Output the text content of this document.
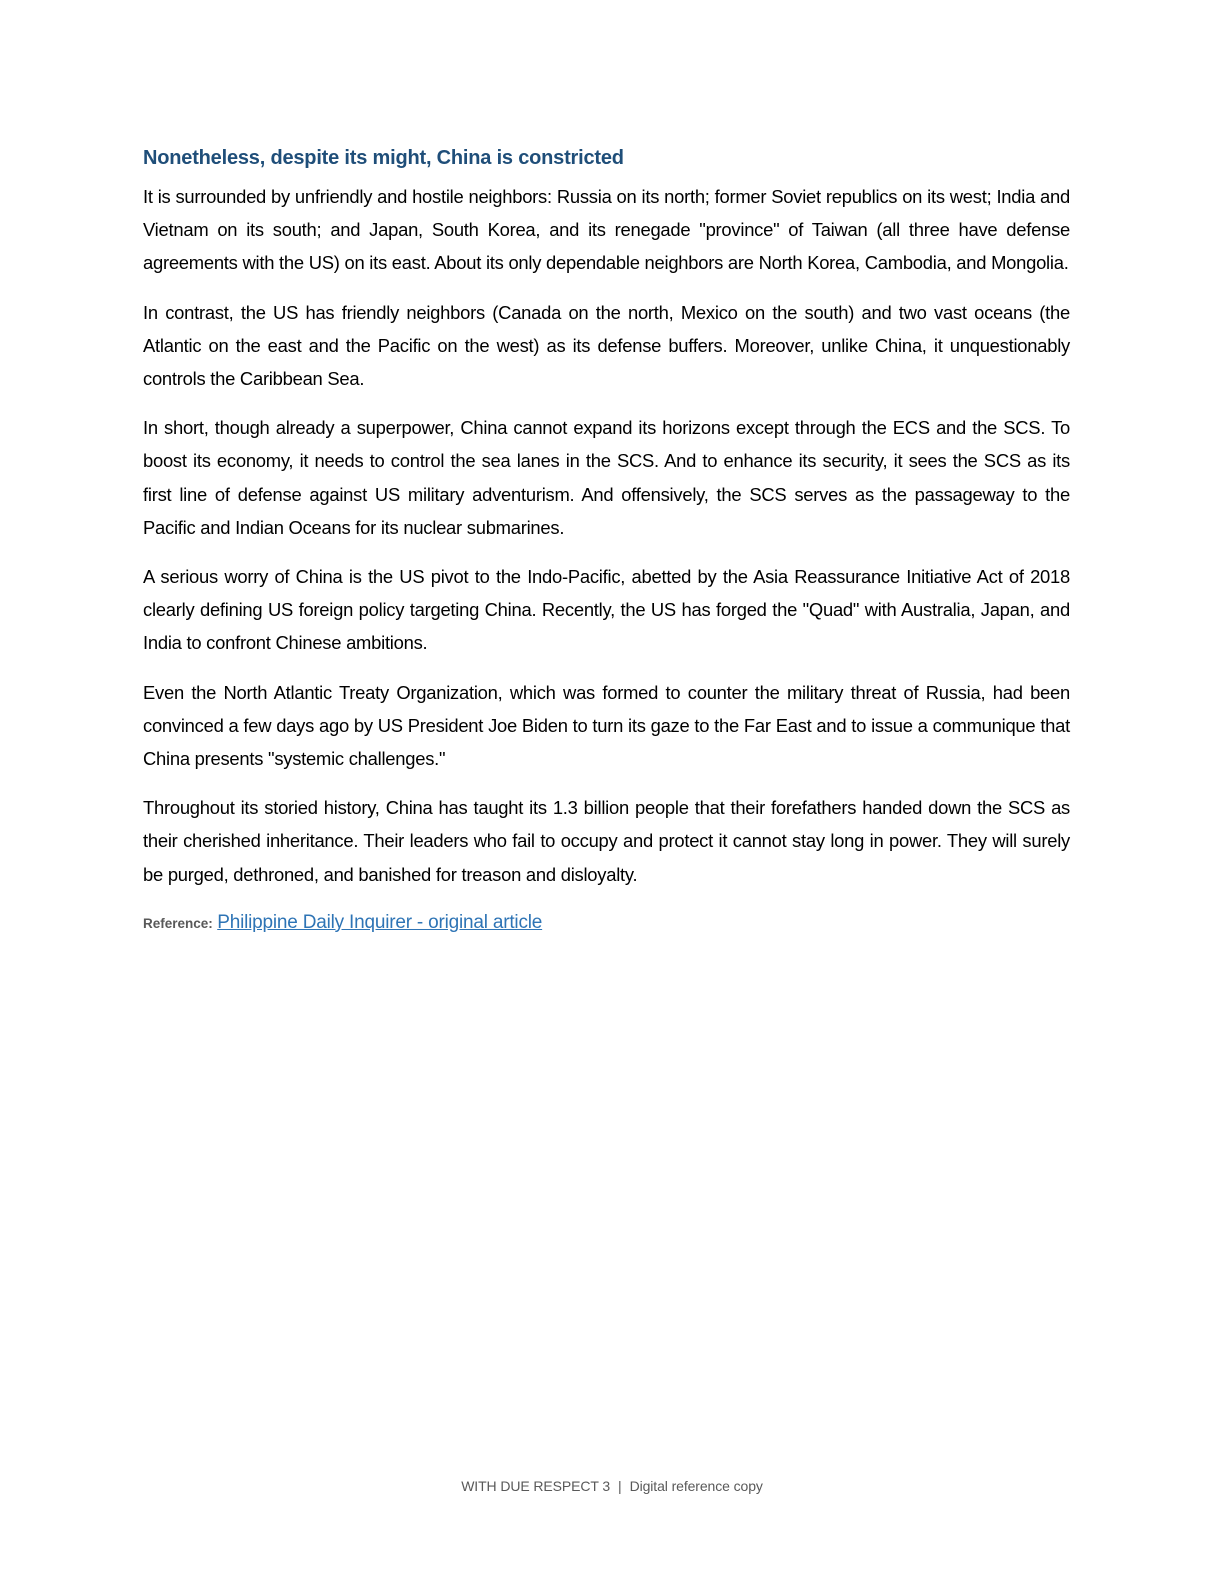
Nonetheless, despite its might, China is constricted

It is surrounded by unfriendly and hostile neighbors: Russia on its north; former Soviet republics on its west; India and Vietnam on its south; and Japan, South Korea, and its renegade "province" of Taiwan (all three have defense agreements with the US) on its east. About its only dependable neighbors are North Korea, Cambodia, and Mongolia.

In contrast, the US has friendly neighbors (Canada on the north, Mexico on the south) and two vast oceans (the Atlantic on the east and the Pacific on the west) as its defense buffers. Moreover, unlike China, it unquestionably controls the Caribbean Sea.

In short, though already a superpower, China cannot expand its horizons except through the ECS and the SCS. To boost its economy, it needs to control the sea lanes in the SCS. And to enhance its security, it sees the SCS as its first line of defense against US military adventurism. And offensively, the SCS serves as the passageway to the Pacific and Indian Oceans for its nuclear submarines.

A serious worry of China is the US pivot to the Indo-Pacific, abetted by the Asia Reassurance Initiative Act of 2018 clearly defining US foreign policy targeting China. Recently, the US has forged the "Quad" with Australia, Japan, and India to confront Chinese ambitions.

Even the North Atlantic Treaty Organization, which was formed to counter the military threat of Russia, had been convinced a few days ago by US President Joe Biden to turn its gaze to the Far East and to issue a communique that China presents "systemic challenges."

Throughout its storied history, China has taught its 1.3 billion people that their forefathers handed down the SCS as their cherished inheritance. Their leaders who fail to occupy and protect it cannot stay long in power. They will surely be purged, dethroned, and banished for treason and disloyalty.

Reference: Philippine Daily Inquirer - original article
WITH DUE RESPECT 3 | Digital reference copy
